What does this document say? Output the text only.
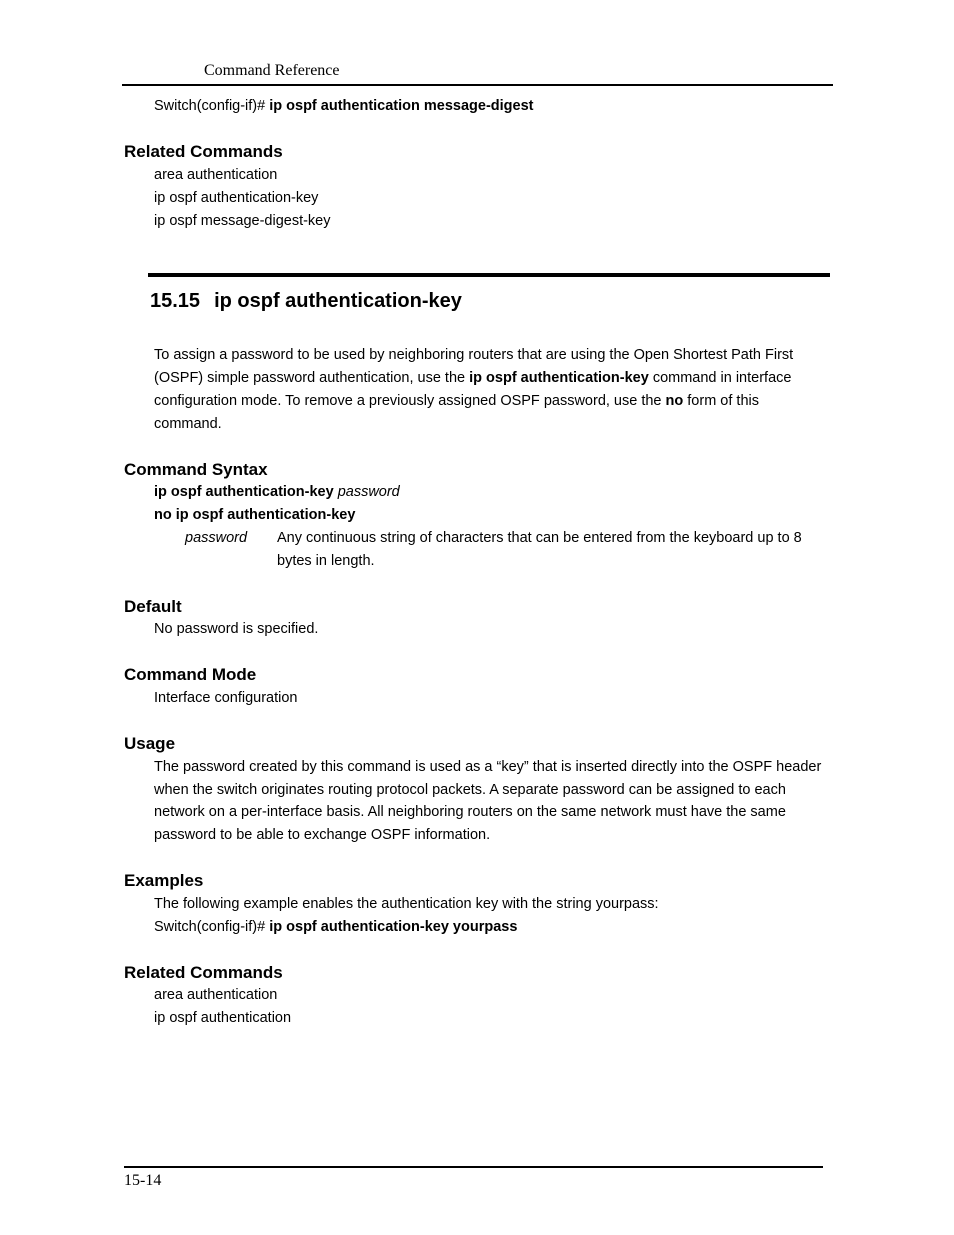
Command Reference
Switch(config-if)# ip ospf authentication message-digest
Related Commands
area authentication
ip ospf authentication-key
ip ospf message-digest-key
15.15 ip ospf authentication-key
To assign a password to be used by neighboring routers that are using the Open Shortest Path First
(OSPF) simple password authentication, use the ip ospf authentication-key command in interface
configuration mode. To remove a previously assigned OSPF password, use the no form of this
command.
Command Syntax
ip ospf authentication-key password
no ip ospf authentication-key
password Any continuous string of characters that can be entered from the keyboard up to 8
bytes in length.
Default
No password is specified.
Command Mode
Interface configuration
Usage
The password created by this command is used as a “key” that is inserted directly into the OSPF header
when the switch originates routing protocol packets. A separate password can be assigned to each
network on a per-interface basis. All neighboring routers on the same network must have the same
password to be able to exchange OSPF information.
Examples
The following example enables the authentication key with the string yourpass:
Switch(config-if)# ip ospf authentication-key yourpass
Related Commands
area authentication
ip ospf authentication
15-14
